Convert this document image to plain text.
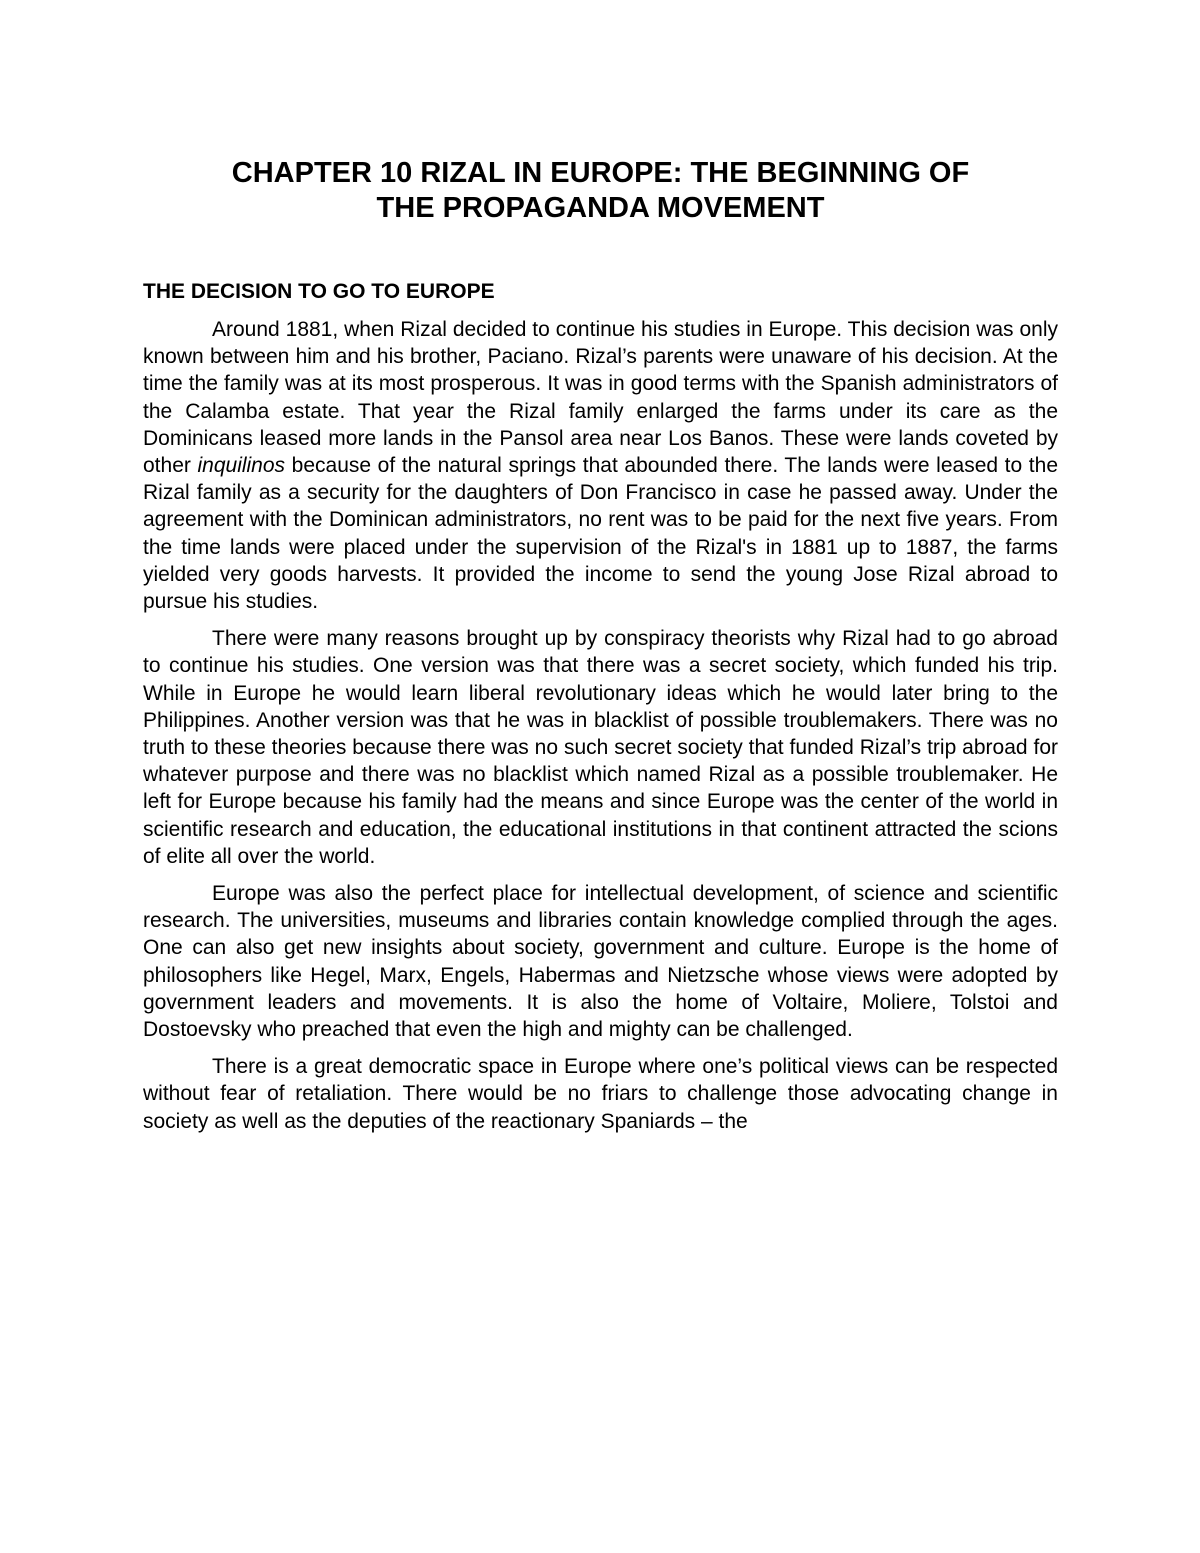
CHAPTER 10 RIZAL IN EUROPE: THE BEGINNING OF
THE PROPAGANDA MOVEMENT
THE DECISION TO GO TO EUROPE

Around 1881, when Rizal decided to continue his studies in Europe. This decision was only known between him and his brother, Paciano. Rizal’s parents were unaware of his decision. At the time the family was at its most prosperous. It was in good terms with the Spanish administrators of the Calamba estate. That year the Rizal family enlarged the farms under its care as the Dominicans leased more lands in the Pansol area near Los Banos. These were lands coveted by other inquilinos because of the natural springs that abounded there. The lands were leased to the Rizal family as a security for the daughters of Don Francisco in case he passed away. Under the agreement with the Dominican administrators, no rent was to be paid for the next five years. From the time lands were placed under the supervision of the Rizal's in 1881 up to 1887, the farms yielded very goods harvests. It provided the income to send the young Jose Rizal abroad to pursue his studies.

There were many reasons brought up by conspiracy theorists why Rizal had to go abroad to continue his studies. One version was that there was a secret society, which funded his trip. While in Europe he would learn liberal revolutionary ideas which he would later bring to the Philippines. Another version was that he was in blacklist of possible troublemakers. There was no truth to these theories because there was no such secret society that funded Rizal’s trip abroad for whatever purpose and there was no blacklist which named Rizal as a possible troublemaker. He left for Europe because his family had the means and since Europe was the center of the world in scientific research and education, the educational institutions in that continent attracted the scions of elite all over the world.

Europe was also the perfect place for intellectual development, of science and scientific research. The universities, museums and libraries contain knowledge complied through the ages. One can also get new insights about society, government and culture. Europe is the home of philosophers like Hegel, Marx, Engels, Habermas and Nietzsche whose views were adopted by government leaders and movements. It is also the home of Voltaire, Moliere, Tolstoi and Dostoevsky who preached that even the high and mighty can be challenged.

There is a great democratic space in Europe where one’s political views can be respected without fear of retaliation. There would be no friars to challenge those advocating change in society as well as the deputies of the reactionary Spaniards – the
